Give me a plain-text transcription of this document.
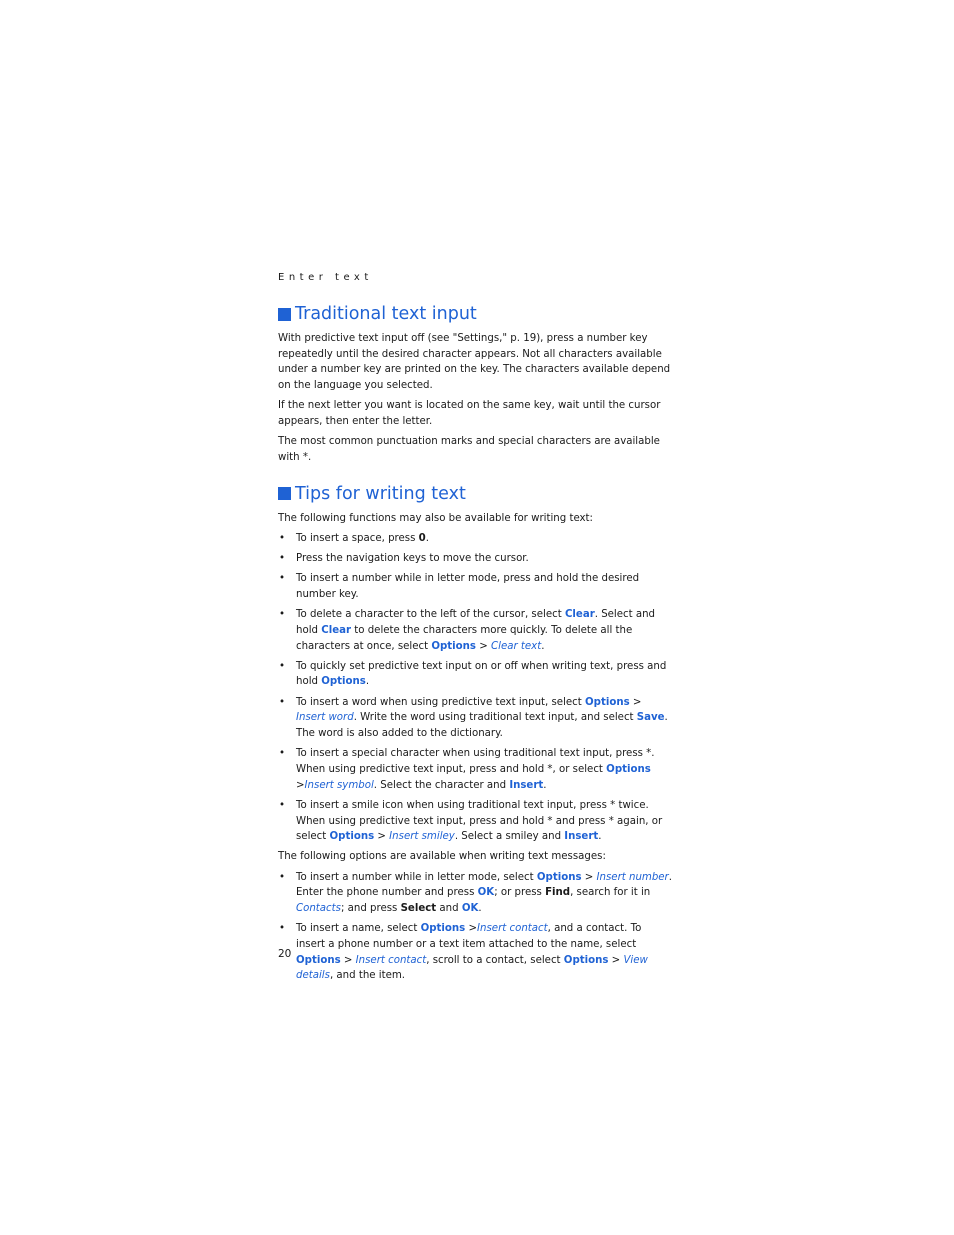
Enter text
Traditional text input

With predictive text input off (see "Settings," p. 19), press a number key repeatedly until the desired character appears. Not all characters available under a number key are printed on the key. The characters available depend on the language you selected.

If the next letter you want is located on the same key, wait until the cursor appears, then enter the letter.

The most common punctuation marks and special characters are available with *.

Tips for writing text

The following functions may also be available for writing text:

• To insert a space, press 0.
• Press the navigation keys to move the cursor.
• To insert a number while in letter mode, press and hold the desired number key.
• To delete a character to the left of the cursor, select Clear. Select and hold Clear to delete the characters more quickly. To delete all the characters at once, select Options > Clear text.
• To quickly set predictive text input on or off when writing text, press and hold Options.
• To insert a word when using predictive text input, select Options > Insert word. Write the word using traditional text input, and select Save. The word is also added to the dictionary.
• To insert a special character when using traditional text input, press *. When using predictive text input, press and hold *, or select Options >Insert symbol. Select the character and Insert.
• To insert a smile icon when using traditional text input, press * twice. When using predictive text input, press and hold * and press * again, or select Options > Insert smiley. Select a smiley and Insert.

The following options are available when writing text messages:

• To insert a number while in letter mode, select Options > Insert number. Enter the phone number and press OK; or press Find, search for it in Contacts; and press Select and OK.
• To insert a name, select Options >Insert contact, and a contact. To insert a phone number or a text item attached to the name, select Options > Insert contact, scroll to a contact, select Options > View details, and the item.
20
